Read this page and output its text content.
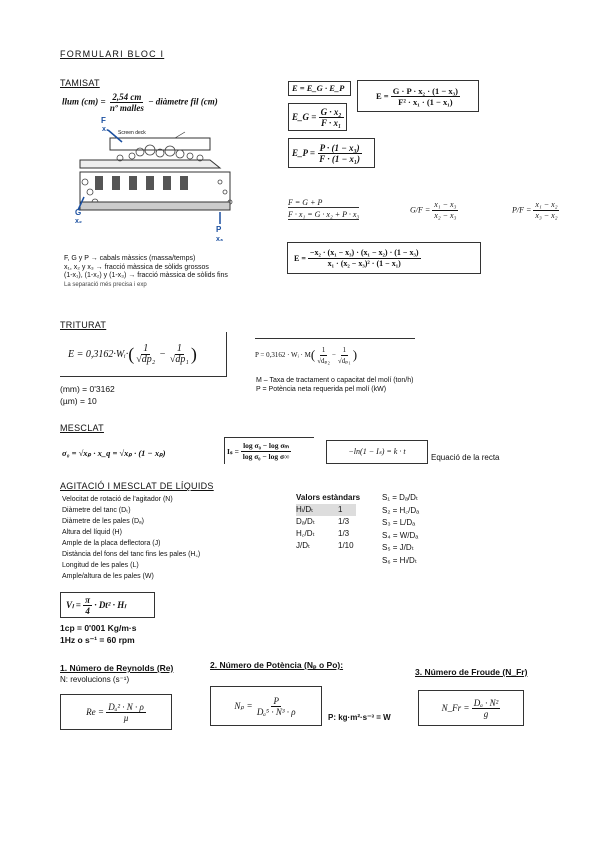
FORMULARI BLOC I
TAMISAT
llum $(cm) = \frac{2,54 cm}{\text{nº malles}}$ − diàmetre fil (cm)
Screen deck
F
x₁
G
x₂
P
x₃
F, G y P → cabals màssics (massa/temps)
x₁, x₂ y x₃ → fracció màssica de sòlids grossos
(1-x₁), (1-x₂) y (1-x₃) → fracció màssica de sòlids fins
La separació més precisa i exp
E = E_G · E_P
E =
$\frac{\text{G · P · x₂ · (1 − x₃)}}{\text{F² · x₁ · (1 − x₁)}}$
E_G =
$\frac{\text{G · x₂}}{\text{F · x₁}}$
E_P =
$\frac{\text{P · (1 − x₃)}}{\text{F · (1 − x₁)}}$
F = G + P
F · x₁ = G · x₂ + P · x₃
$G/F = \frac{\text{x₁ − x₃}}{\text{x₂ − x₃}}$	$P/F = \frac{\text{x₁ − x₂}}{\text{x₃ − x₂}}$
E =
$\frac{\text{−x₂ · (x₁ − x₃) · (x₁ − x₂) · (1 − x₃)}}{\text{x₁ · (x₂ − x₃)² · (1 − x₁)}}$
TRITURAT
E = 0,3162·Wᵢ· ( $\frac{1}{\text{√dp₂}} - \frac{1}{\text{√dp₁}}$ )	P = 0,3162 · Wᵢ · M ( $\frac{1}{\text{√dₚ₂}} - \frac{1}{\text{√dₚ₁}}$ )
(mm) = 0'3162
(µm) = 10
M – Taxa de tractament o capacitat del molí (ton/h)
P = Potència neta requerida pel molí (kW)
MESCLAT
σ₀ = √xₚ · x_q = √xₚ · (1 − xₚ)	Iₛ =
$\frac{\text{log σ₀ − log σₘ}}{\text{log σ₀ − log σ∞}}$	−ln(1 − Iₛ) = k · t
Equació de la recta
AGITACIÓ I MESCLAT DE LÍQUIDS
Velocitat de rotació de l'agitador (N)
Diàmetre del tanc (Dₜ)
Diàmetre de les pales (Dₐ)
Altura del líquid (H)
Ample de la placa deflectora (J)
Distància del fons del tanc fins les pales (H꜀)
Longitud de les pales (L)
Ample/altura de les pales (W)
Valors estàndars
Hₗ/Dₜ	1
Dₐ/Dₜ	1/3
H꜀/Dₜ	1/3
J/Dₜ	1/10
S₁ = Dₐ/Dₜ
S₂ = H꜀/Dₐ
S₃ = L/Dₐ
S₄ = W/Dₐ
S₅ = J/Dₜ
S₆ = Hₗ/Dₜ
Vₗ =
$\frac{\pi}{4}$
· Dt² · Hₗ
1cp = 0'001 Kg/m·s
1Hz o s⁻¹ = 60 rpm
1. Número de Reynolds (Re)
N: revolucions (s⁻¹)
Re =
$\frac{\text{Dₐ² · N · ρ}}{\text{µ}}$
2. Número de Potència (Nₚ o Po):
Nₚ =
$\frac{P}{\text{Dₐ⁵ · N³ · ρ}}$
P: kg·m²·s⁻³ = W
3. Número de Froude (N_Fr)
N_Fr =
$\frac{\text{Dₐ · N²}}{g}$
